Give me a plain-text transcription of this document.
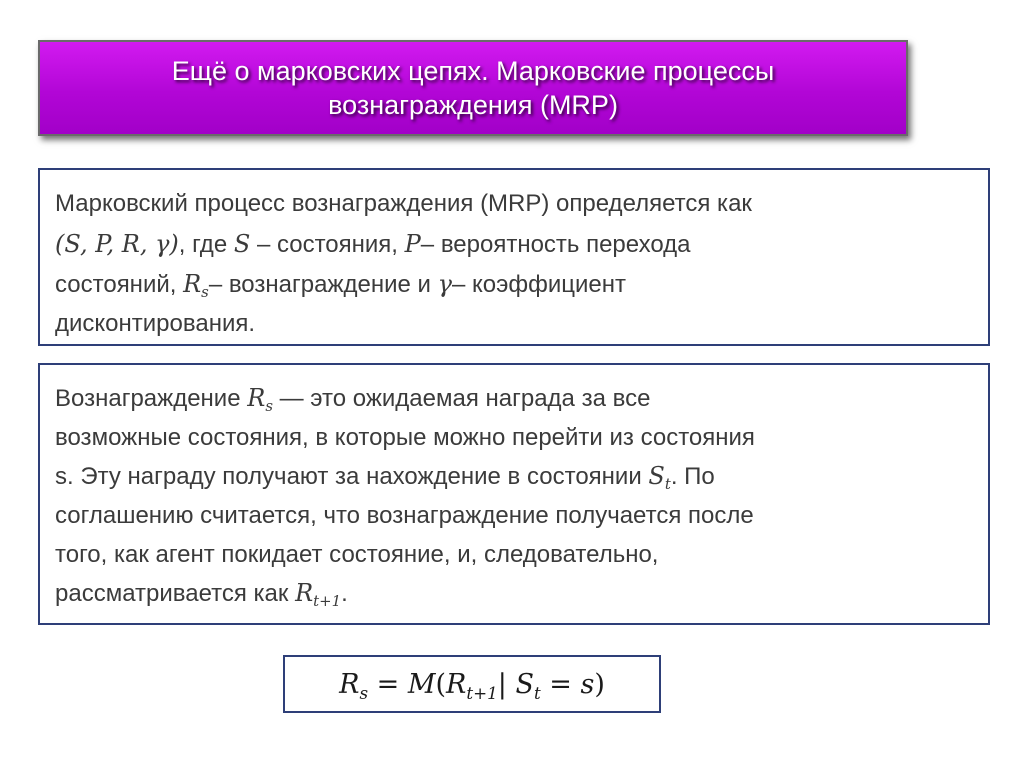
Ещё о марковских цепях. Марковские процессы
вознаграждения (MRP)
Марковский процесс вознаграждения (MRP) определяется как
(S, P, R, γ), где S – состояния, P– вероятность перехода
состояний, $R_s-$ вознаграждение и γ– коэффициент
дисконтирования.
Вознаграждение $R_s$ — это ожидаемая награда за все
возможные состояния, в которые можно перейти из состояния
s. Эту награду получают за нахождение в состоянии $S_t$. По
соглашению считается, что вознаграждение получается после
того, как агент покидает состояние, и, следовательно,
рассматривается как $R_{t+1}$.
$R_s = M$ ( $R_{t+1}$ | $S_t = s$ )
